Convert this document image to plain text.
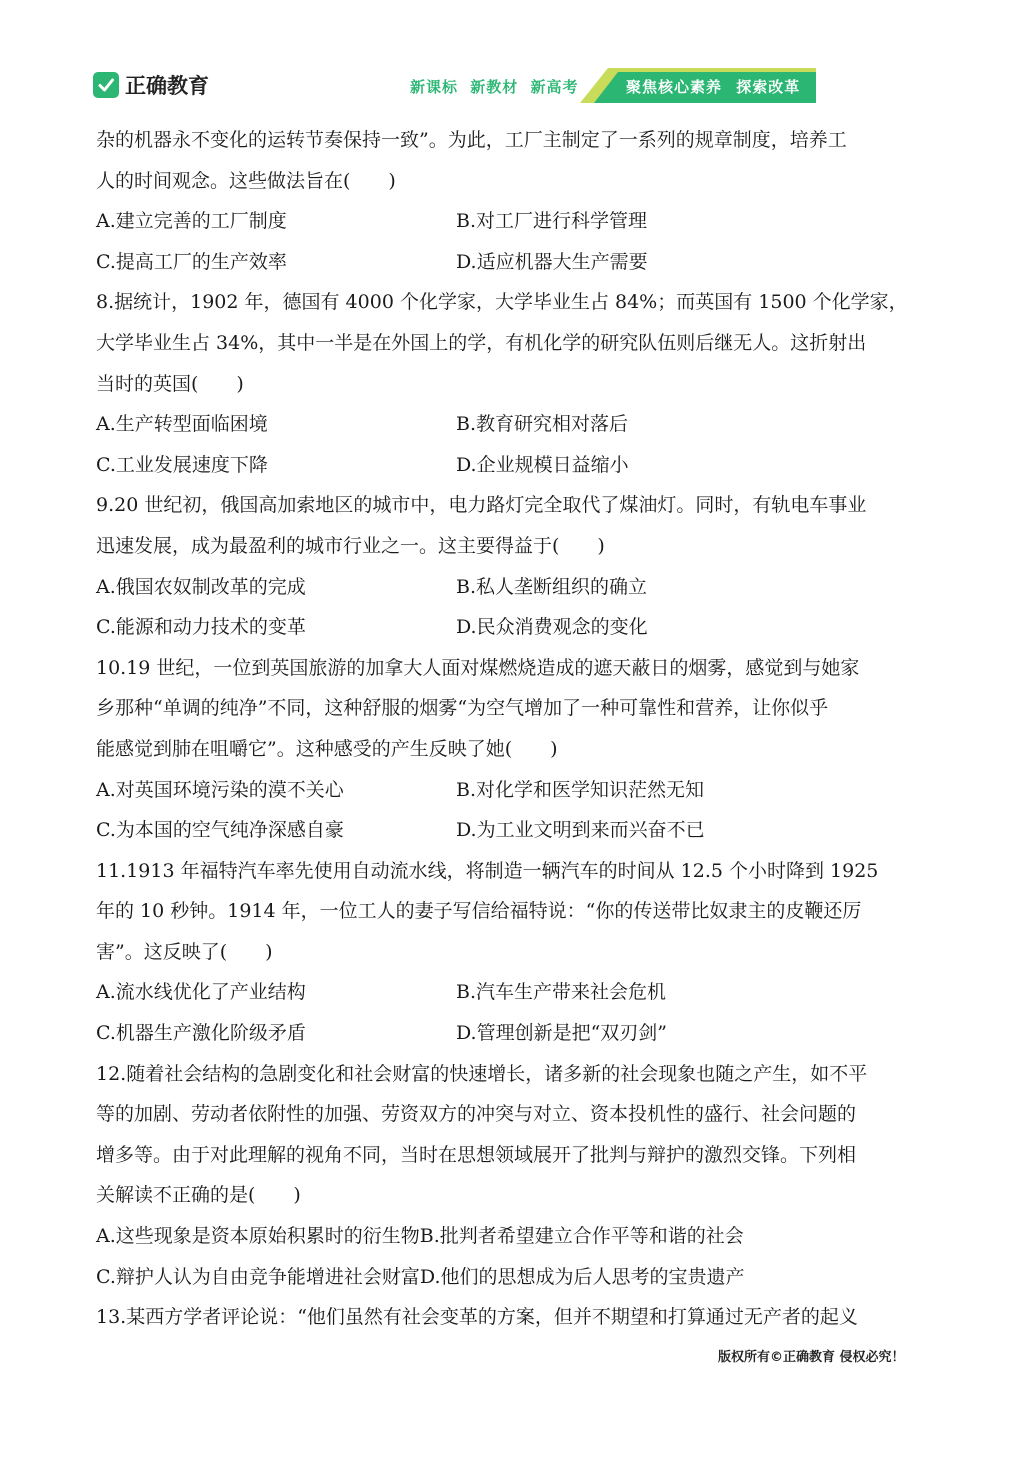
正确教育	新课标 新教材 新高考	聚焦核心素养 探索改革
杂的机器永不变化的运转节奏保持一致”。为此，工厂主制定了一系列的规章制度，培养工
人的时间观念。这些做法旨在(　　)
A.建立完善的工厂制度	B.对工厂进行科学管理
C.提高工厂的生产效率	D.适应机器大生产需要
8.据统计，1902 年，德国有 4000 个化学家，大学毕业生占 84%；而英国有 1500 个化学家，
大学毕业生占 34%，其中一半是在外国上的学，有机化学的研究队伍则后继无人。这折射出
当时的英国(　　)
A.生产转型面临困境	B.教育研究相对落后
C.工业发展速度下降	D.企业规模日益缩小
9.20 世纪初，俄国高加索地区的城市中，电力路灯完全取代了煤油灯。同时，有轨电车事业
迅速发展，成为最盈利的城市行业之一。这主要得益于(　　)
A.俄国农奴制改革的完成	B.私人垄断组织的确立
C.能源和动力技术的变革	D.民众消费观念的变化
10.19 世纪，一位到英国旅游的加拿大人面对煤燃烧造成的遮天蔽日的烟雾，感觉到与她家
乡那种“单调的纯净”不同，这种舒服的烟雾“为空气增加了一种可靠性和营养，让你似乎
能感觉到肺在咀嚼它”。这种感受的产生反映了她(　　)
A.对英国环境污染的漠不关心	B.对化学和医学知识茫然无知
C.为本国的空气纯净深感自豪	D.为工业文明到来而兴奋不已
11.1913 年福特汽车率先使用自动流水线，将制造一辆汽车的时间从 12.5 个小时降到 1925
年的 10 秒钟。1914 年，一位工人的妻子写信给福特说：“你的传送带比奴隶主的皮鞭还厉
害”。这反映了(　　)
A.流水线优化了产业结构	B.汽车生产带来社会危机
C.机器生产激化阶级矛盾	D.管理创新是把“双刃剑”
12.随着社会结构的急剧变化和社会财富的快速增长，诸多新的社会现象也随之产生，如不平
等的加剧、劳动者依附性的加强、劳资双方的冲突与对立、资本投机性的盛行、社会问题的
增多等。由于对此理解的视角不同，当时在思想领域展开了批判与辩护的激烈交锋。下列相
关解读不正确的是(　　)
A.这些现象是资本原始积累时的衍生物 B.批判者希望建立合作平等和谐的社会
C.辩护人认为自由竞争能增进社会财富 D.他们的思想成为后人思考的宝贵遗产
13.某西方学者评论说：“他们虽然有社会变革的方案，但并不期望和打算通过无产者的起义
版权所有©正确教育 侵权必究！
